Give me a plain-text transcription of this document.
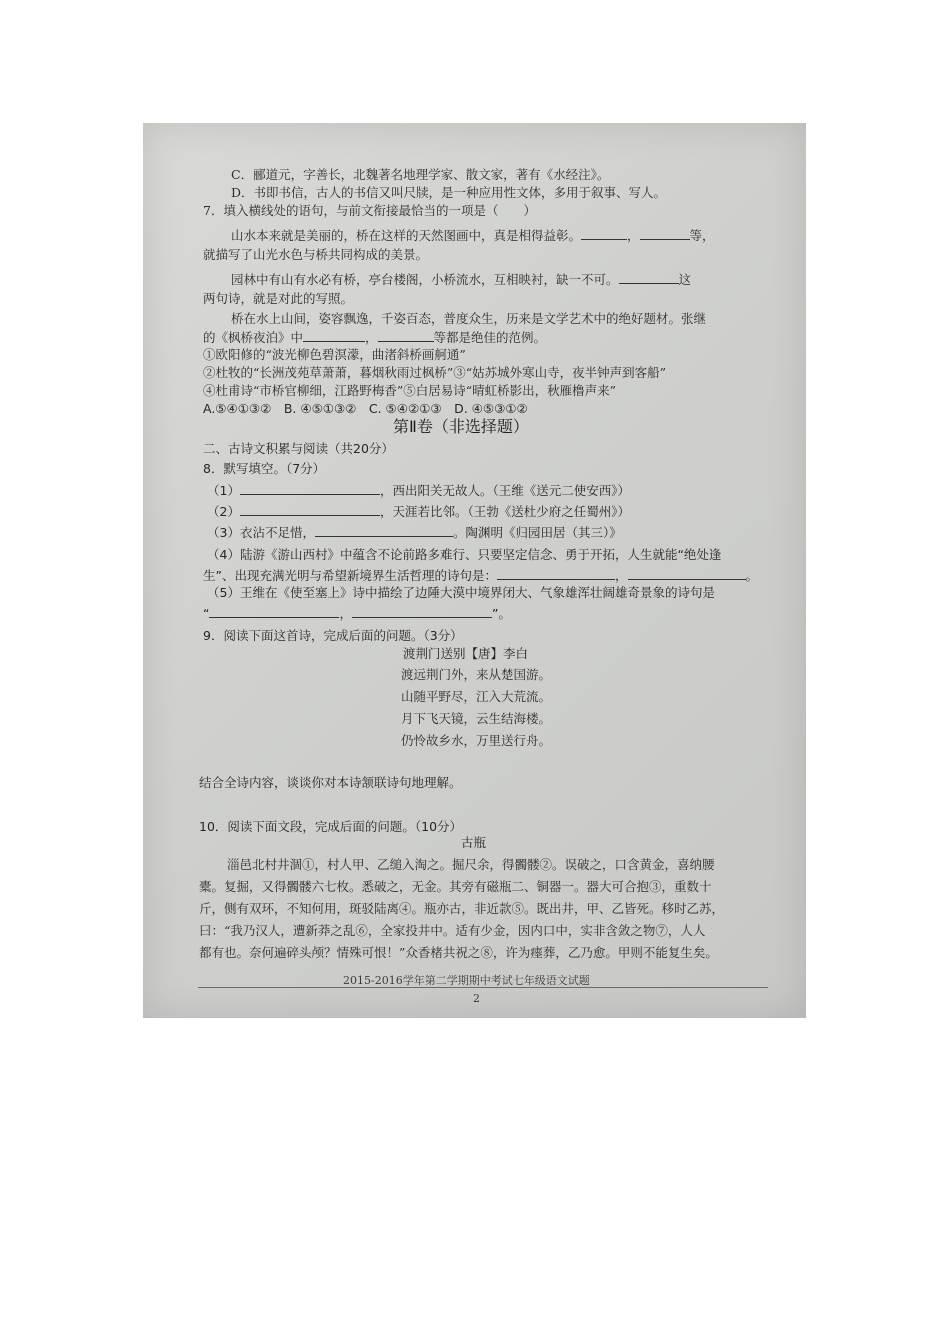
C．郦道元，字善长，北魏著名地理学家、散文家，著有《水经注》。
D．书即书信，古人的书信又叫尺牍，是一种应用性文体，多用于叙事、写人。
7．填入横线处的语句，与前文衔接最恰当的一项是（　　）
山水本来就是美丽的，桥在这样的天然图画中，真是相得益彰。	，	等，
就描写了山光水色与桥共同构成的美景。
园林中有山有水必有桥，亭台楼阁，小桥流水，互相映衬，缺一不可。	这
两句诗，就是对此的写照。
桥在水上山间，姿容飘逸，千姿百态，普度众生，历来是文学艺术中的绝好题材。张继
的《枫桥夜泊》中	，	等都是绝佳的范例。
①欧阳修的“波光柳色碧溟濛，曲渚斜桥画舸通”
②杜牧的“长洲茂苑草萧萧，暮烟秋雨过枫桥”③“姑苏城外寒山寺，夜半钟声到客船”
④杜甫诗“市桥官柳细，江路野梅香”⑤白居易诗“晴虹桥影出，秋雁橹声来”
A.⑤④①③②　B. ④⑤①③②　C. ⑤④②①③　D. ④⑤③①②
第Ⅱ卷（非选择题）
二、古诗文积累与阅读（共20分）
8．默写填空。（7分）
（1）	，西出阳关无故人。（王维《送元二使安西》）
（2）	，天涯若比邻。（王勃《送杜少府之任蜀州》）
（3）衣沾不足惜，	。陶渊明《归园田居（其三）》
（4）陆游《游山西村》中蕴含不论前路多难行、只要坚定信念、勇于开拓，人生就能“绝处逢
生”、出现充满光明与希望新境界生活哲理的诗句是：	，	。
（5）王维在《使至塞上》诗中描绘了边陲大漠中境界闭大、气象雄浑壮阔雄奇景象的诗句是
“	，	”。
9．阅读下面这首诗，完成后面的问题。（3分）
渡荆门送别【唐】李白
渡远荆门外，来从楚国游。
山随平野尽，江入大荒流。
月下飞天镜，云生结海楼。
仍怜故乡水，万里送行舟。
结合全诗内容，谈谈你对本诗颔联诗句地理解。
10．阅读下面文段，完成后面的问题。（10分）
古瓶
淄邑北村井涸①，村人甲、乙缒入淘之。掘尺余，得髑髅②。误破之，口含黄金，喜纳腰
橐。复掘，又得髑髅六七枚。悉破之，无金。其旁有磁瓶二、铜器一。器大可合抱③，重数十
斤，侧有双环，不知何用，斑驳陆离④。瓶亦古，非近款⑤。既出井，甲、乙皆死。移时乙苏，
曰：“我乃汉人，遭新莽之乱⑥，全家投井中。适有少金，因内口中，实非含敛之物⑦，人人
都有也。奈何遍碎头颅？情殊可恨！”众香楮共祝之⑧，许为瘗葬，乙乃愈。甲则不能复生矣。
2015-2016学年第二学期期中考试七年级语文试题
2
